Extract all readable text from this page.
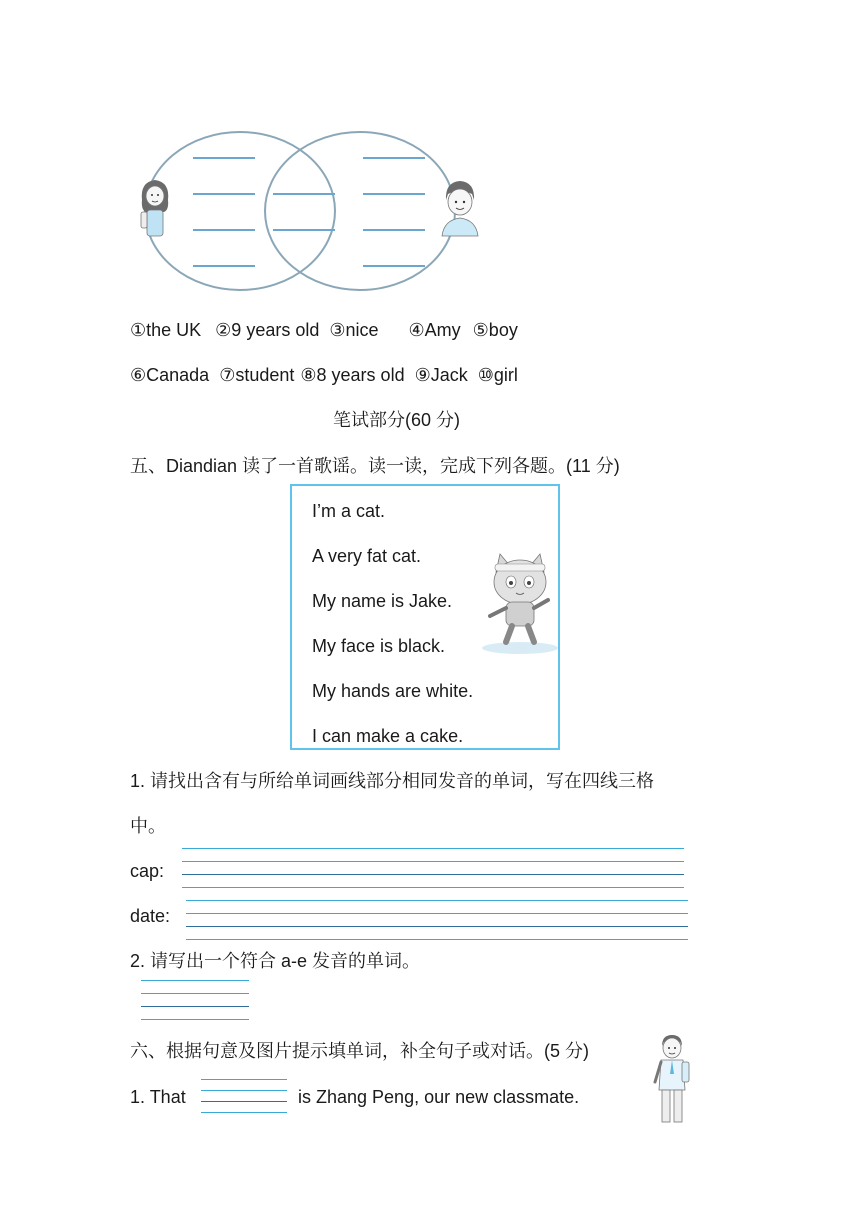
①the UK ②9 years old ③nice ④Amy ⑤boy
⑥Canada ⑦student ⑧8 years old ⑨Jack ⑩girl
笔试部分(60 分)
五、Diandian 读了一首歌谣。读一读，完成下列各题。(11 分)
I’m a cat.
A very fat cat.
My name is Jake.
My face is black.
My hands are white.
I can make a cake.
1. 请找出含有与所给单词画线部分相同发音的单词，写在四线三格
中。
cap:
date:
2. 请写出一个符合 a-e 发音的单词。
六、根据句意及图片提示填单词，补全句子或对话。(5 分)
1. That	is Zhang Peng, our new classmate.
